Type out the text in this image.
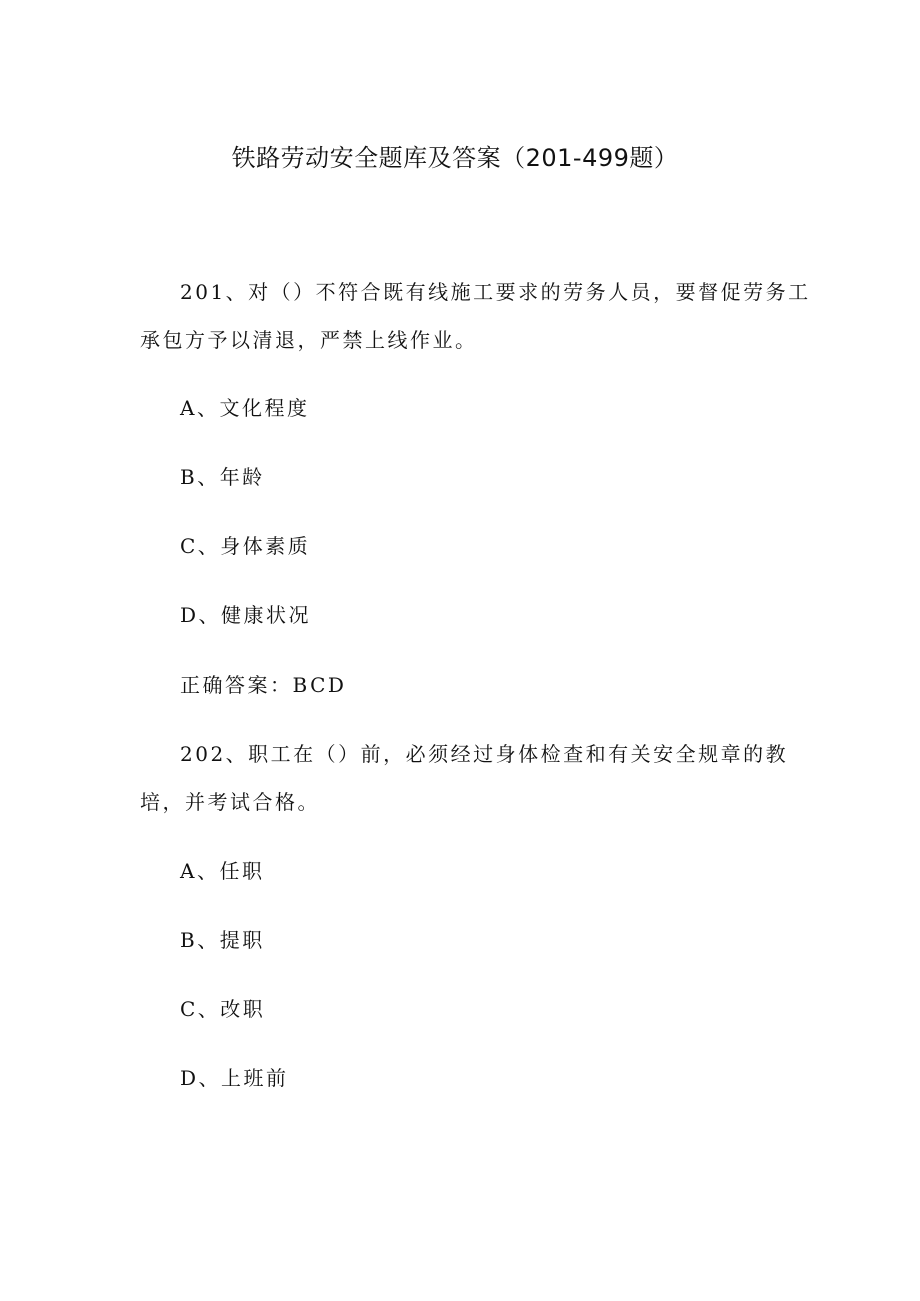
铁路劳动安全题库及答案（201-499题）
201、对（）不符合既有线施工要求的劳务人员，要督促劳务工
承包方予以清退，严禁上线作业。
A、文化程度
B、年龄
C、身体素质
D、健康状况
正确答案：BCD
202、职工在（）前，必须经过身体检查和有关安全规章的教
培，并考试合格。
A、任职
B、提职
C、改职
D、上班前
